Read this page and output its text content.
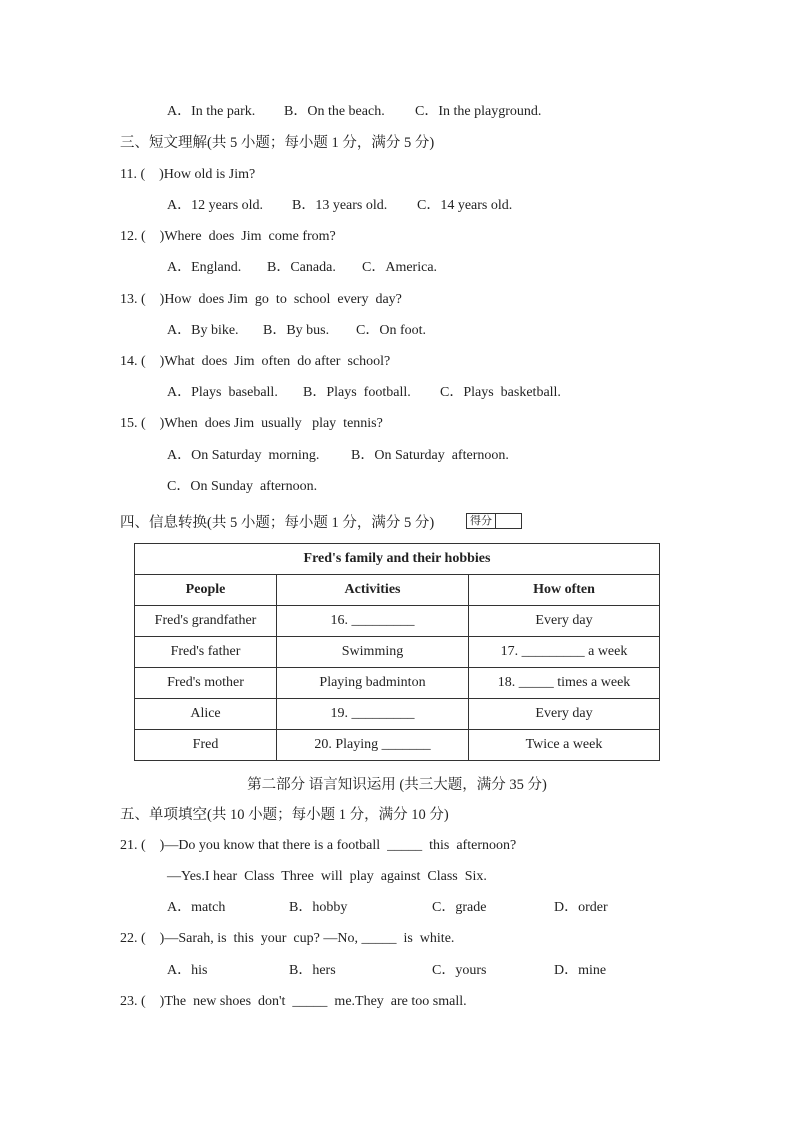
A．In the park. B．On the beach. C．In the playground.
三、短文理解(共 5 小题；每小题 1 分，满分 5 分)
11. (    )How old is Jim?
A．12 years old. B．13 years old. C．14 years old.
12. (    )Where  does  Jim  come from?
A．England. B．Canada. C．America.
13. (    )How  does Jim  go  to  school  every  day?
A．By bike. B．By bus. C．On foot.
14. (    )What  does  Jim  often  do after  school?
A．Plays  baseball. B．Plays  football. C．Plays  basketball.
15. (    )When  does Jim  usually   play  tennis?
A．On Saturday  morning. B．On Saturday  afternoon.
C．On Sunday  afternoon.
四、信息转换(共 5 小题；每小题 1 分，满分 5 分)	得分
Fred's family and their hobbies		
People	Activities	How often
Fred's grandfather	16. _________	Every day
Fred's father	Swimming	17. _________ a week
Fred's mother	Playing badminton	18. _____ times a week
Alice	19. _________	Every day
Fred	20. Playing _______	Twice a week
第二部分 语言知识运用 (共三大题，满分 35 分)
五、单项填空(共 10 小题；每小题 1 分，满分 10 分)
21. (    )—Do you know that there is a football  _____  this  afternoon?
—Yes.I hear  Class  Three  will  play  against  Class  Six.
A．match	B．hobby	C．grade	D．order
22. (    )—Sarah, is  this  your  cup? —No, _____  is  white.
A．his	B．hers	C．yours	D．mine
23. (    )The  new shoes  don't  _____  me.They  are too small.
